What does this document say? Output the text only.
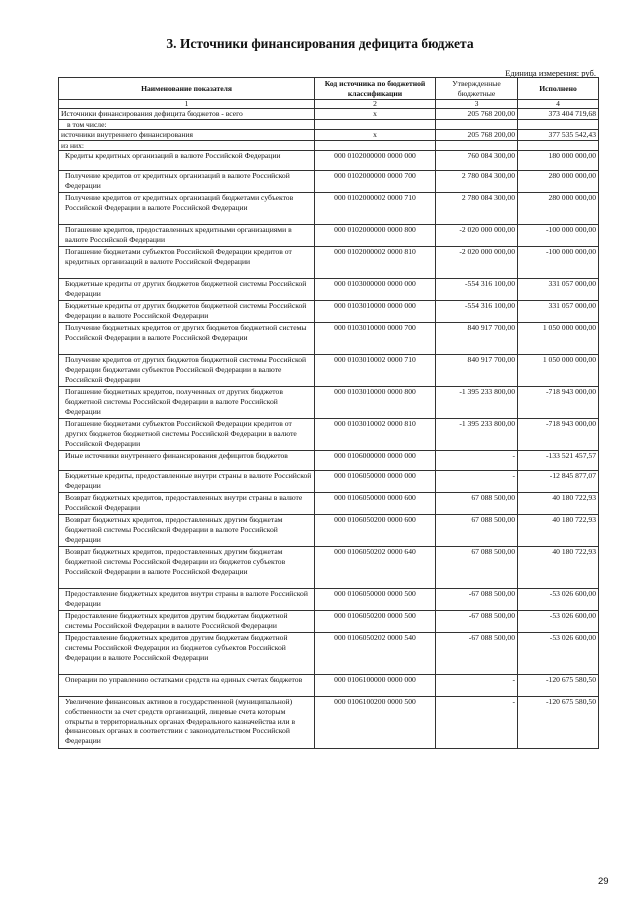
3. Источники финансирования дефицита бюджета
Единица измерения: руб.
Наименование показателя	Код источника по бюджетной классификации	Утвержденные бюджетные	Исполнено
1	2	3	4
Источники финансирования дефицита бюджетов - всего	х	205 768 200,00	373 404 719,68
в том числе:			
источники внутреннего финансирования	х	205 768 200,00	377 535 542,43
из них:			
Кредиты кредитных организаций в валюте Российской Федерации	000 0102000000 0000 000	760 084 300,00	180 000 000,00
Получение кредитов от кредитных организаций в валюте Российской Федерации	000 0102000000 0000 700	2 780 084 300,00	280 000 000,00
Получение кредитов от кредитных организаций бюджетами субъектов Российской Федерации в валюте Российской Федерации	000 0102000002 0000 710	2 780 084 300,00	280 000 000,00
Погашение кредитов, предоставленных кредитными организациями в валюте Российской Федерации	000 0102000000 0000 800	-2 020 000 000,00	-100 000 000,00
Погашение бюджетами субъектов Российской Федерации кредитов от кредитных организаций в валюте Российской Федерации	000 0102000002 0000 810	-2 020 000 000,00	-100 000 000,00
Бюджетные кредиты от других бюджетов бюджетной системы Российской Федерации	000 0103000000 0000 000	-554 316 100,00	331 057 000,00
Бюджетные кредиты от других бюджетов бюджетной системы Российской Федерации в валюте Российской Федерации	000 0103010000 0000 000	-554 316 100,00	331 057 000,00
Получение бюджетных кредитов от других бюджетов бюджетной системы Российской Федерации в валюте Российской Федерации	000 0103010000 0000 700	840 917 700,00	1 050 000 000,00
Получение кредитов от других бюджетов бюджетной системы Российской Федерации бюджетами субъектов Российской Федерации в валюте Российской Федерации	000 0103010002 0000 710	840 917 700,00	1 050 000 000,00
Погашение бюджетных кредитов, полученных от других бюджетов бюджетной системы Российской Федерации в валюте Российской Федерации	000 0103010000 0000 800	-1 395 233 800,00	-718 943 000,00
Погашение бюджетами субъектов Российской Федерации кредитов от других бюджетов бюджетной системы Российской Федерации в валюте Российской Федерации	000 0103010002 0000 810	-1 395 233 800,00	-718 943 000,00
Иные источники внутреннего финансирования дефицитов бюджетов	000 0106000000 0000 000	-	-133 521 457,57
Бюджетные кредиты, предоставленные внутри страны в валюте Российской Федерации	000 0106050000 0000 000	-	-12 845 877,07
Возврат бюджетных кредитов, предоставленных внутри страны в валюте Российской Федерации	000 0106050000 0000 600	67 088 500,00	40 180 722,93
Возврат бюджетных кредитов, предоставленных другим бюджетам бюджетной системы Российской Федерации в валюте Российской Федерации	000 0106050200 0000 600	67 088 500,00	40 180 722,93
Возврат бюджетных кредитов, предоставленных другим бюджетам бюджетной системы Российской Федерации из бюджетов субъектов Российской Федерации в валюте Российской Федерации	000 0106050202 0000 640	67 088 500,00	40 180 722,93
Предоставление бюджетных кредитов внутри страны в валюте Российской Федерации	000 0106050000 0000 500	-67 088 500,00	-53 026 600,00
Предоставление бюджетных кредитов другим бюджетам бюджетной системы Российской Федерации в валюте Российской Федерации	000 0106050200 0000 500	-67 088 500,00	-53 026 600,00
Предоставление бюджетных кредитов другим бюджетам бюджетной системы Российской Федерации из бюджетов субъектов Российской Федерации в валюте Российской Федерации	000 0106050202 0000 540	-67 088 500,00	-53 026 600,00
Операции по управлению остатками средств на единых счетах бюджетов	000 0106100000 0000 000	-	-120 675 580,50
Увеличение финансовых активов в государственной (муниципальной) собственности за счет средств организаций, лицевые счета которым открыты в территориальных органах Федерального казначейства или в финансовых органах в соответствии с законодательством Российской Федерации	000 0106100200 0000 500	-	-120 675 580,50
29
